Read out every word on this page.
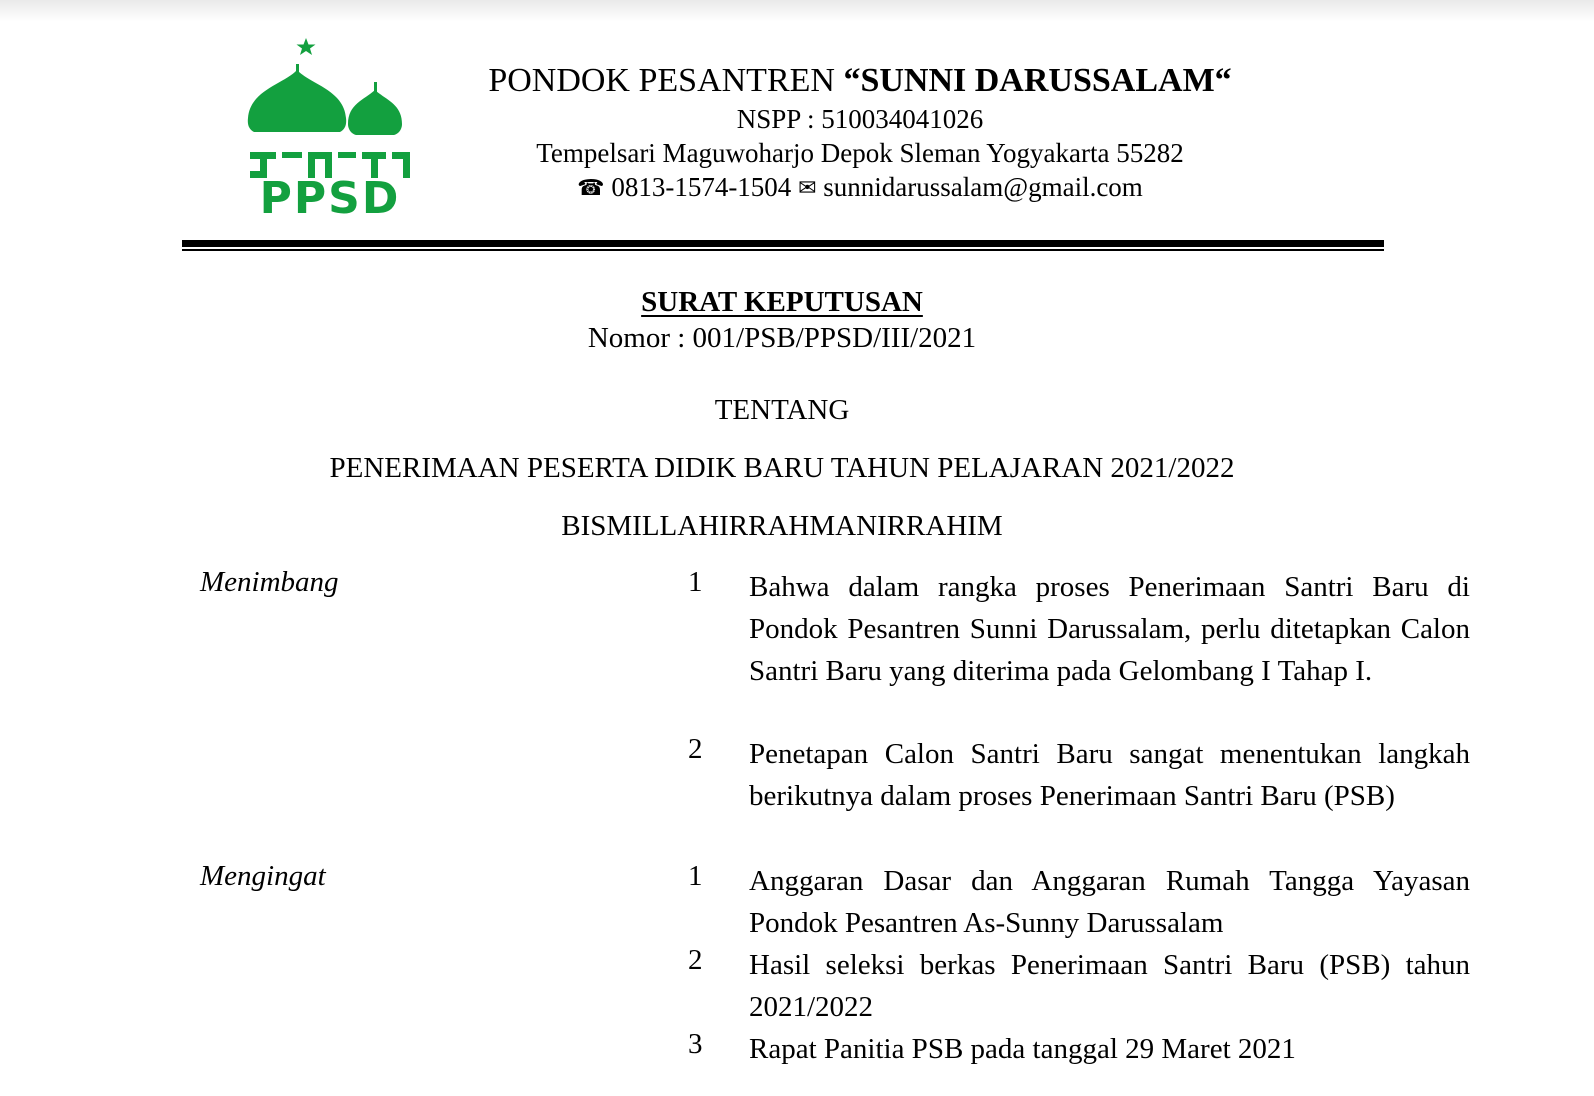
PPSD
PONDOK PESANTREN “SUNNI DARUSSALAM“
NSPP : 510034041026
Tempelsari Maguwoharjo Depok Sleman Yogyakarta 55282
☎ 0813-1574-1504 ✉ sunnidarussalam@gmail.com
SURAT KEPUTUSAN
Nomor : 001/PSB/PPSD/III/2021
TENTANG
PENERIMAAN PESERTA DIDIK BARU TAHUN PELAJARAN 2021/2022
BISMILLAHIRRAHMANIRRAHIM
Menimbang	1 Bahwa dalam rangka proses Penerimaan Santri Baru di Pondok Pesantren Sunni Darussalam, perlu ditetapkan Calon Santri Baru yang diterima pada Gelombang I Tahap I.
2 Penetapan Calon Santri Baru sangat menentukan langkah berikutnya dalam proses Penerimaan Santri Baru (PSB)
Mengingat	1 Anggaran Dasar dan Anggaran Rumah Tangga Yayasan Pondok Pesantren As-Sunny Darussalam
2 Hasil seleksi berkas Penerimaan Santri Baru (PSB) tahun 2021/2022
3 Rapat Panitia PSB pada tanggal 29 Maret 2021
